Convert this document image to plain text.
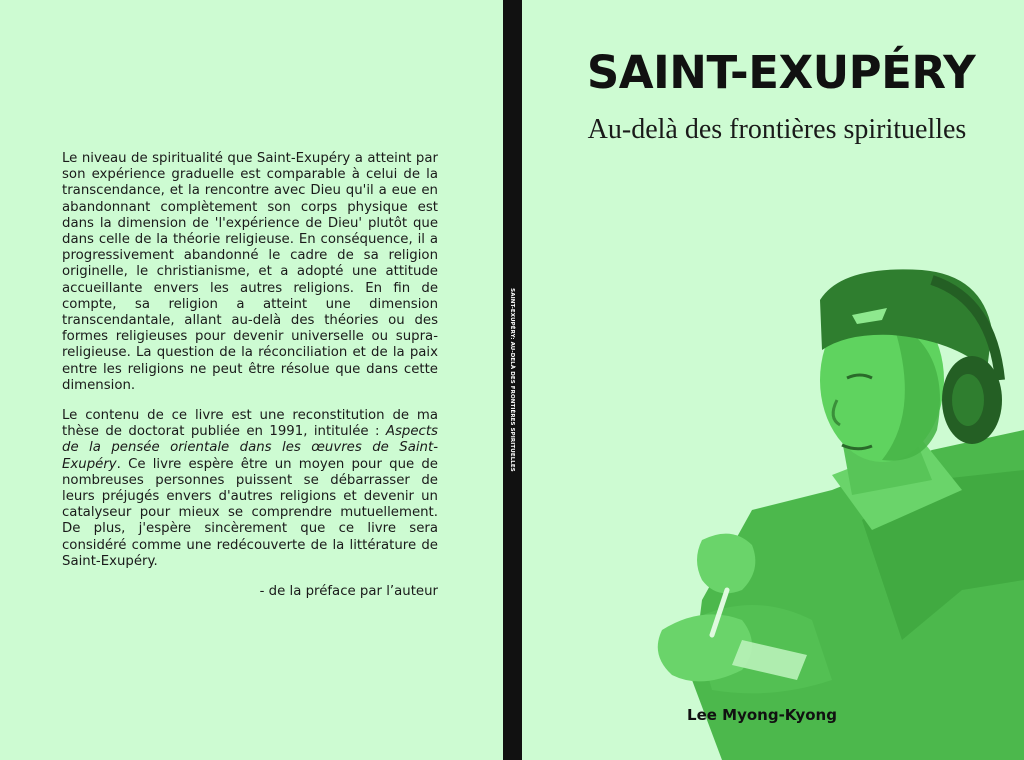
Le niveau de spiritualité que Saint-Exupéry a atteint par son expérience graduelle est comparable à celui de la transcendance, et la rencontre avec Dieu qu'il a eue en abandonnant complètement son corps physique est dans la dimension de 'l'expérience de Dieu' plutôt que dans celle de la théorie religieuse. En conséquence, il a progressivement abandonné le cadre de sa religion originelle, le christianisme, et a adopté une attitude accueillante envers les autres religions. En fin de compte, sa religion a atteint une dimension transcendantale, allant au-delà des théories ou des formes religieuses pour devenir universelle ou supra-religieuse. La question de la réconciliation et de la paix entre les religions ne peut être résolue que dans cette dimension.

Le contenu de ce livre est une reconstitution de ma thèse de doctorat publiée en 1991, intitulée : Aspects de la pensée orientale dans les œuvres de Saint-Exupéry. Ce livre espère être un moyen pour que de nombreuses personnes puissent se débarrasser de leurs préjugés envers d'autres religions et devenir un catalyseur pour mieux se comprendre mutuellement. De plus, j'espère sincèrement que ce livre sera considéré comme une redécouverte de la littérature de Saint-Exupéry.

- de la préface par l’auteur

SAINT-EXUPÉRY: AU-DELÀ DES FRONTIÈRES SPIRITUELLES
SAINT-EXUPÉRY
Au-delà des frontières spirituelles
Lee Myong-Kyong
